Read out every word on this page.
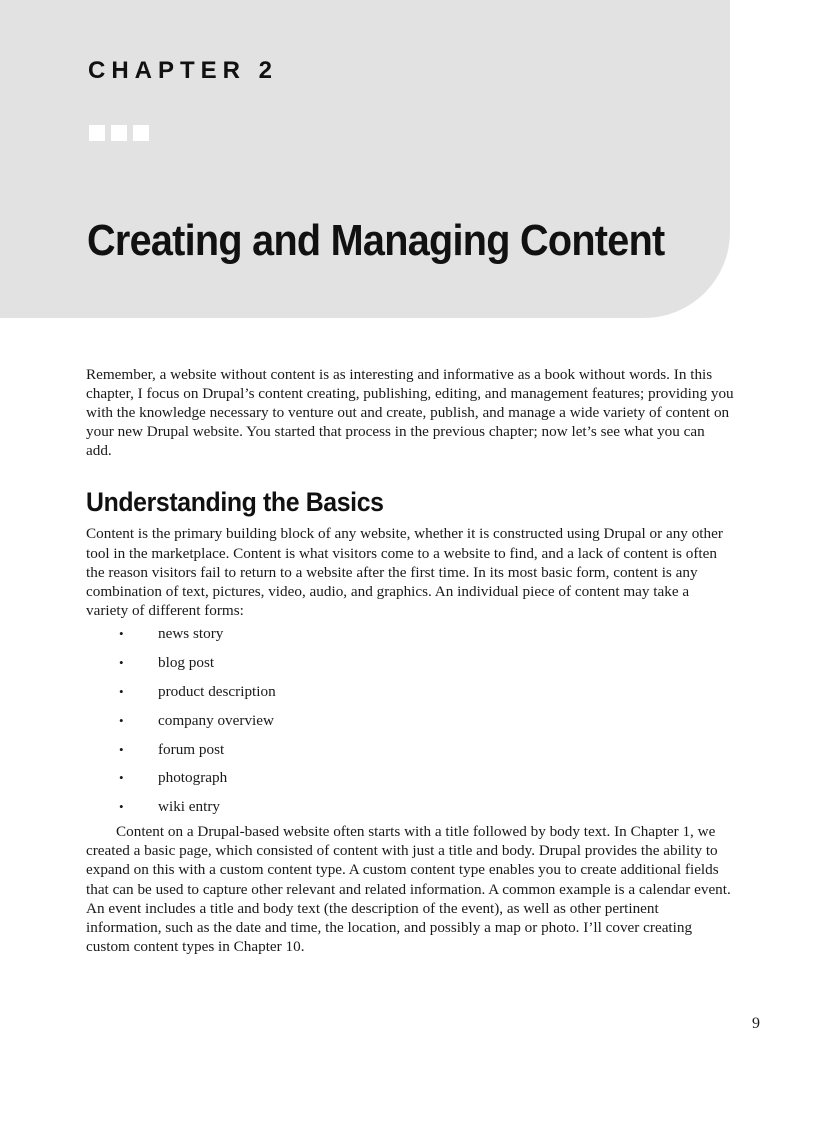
CHAPTER 2
Creating and Managing Content

Remember, a website without content is as interesting and informative as a book without words. In this chapter, I focus on Drupal’s content creating, publishing, editing, and management features; providing you with the knowledge necessary to venture out and create, publish, and manage a wide variety of content on your new Drupal website. You started that process in the previous chapter; now let’s see what you can add.

Understanding the Basics

Content is the primary building block of any website, whether it is constructed using Drupal or any other tool in the marketplace. Content is what visitors come to a website to find, and a lack of content is often the reason visitors fail to return to a website after the first time. In its most basic form, content is any combination of text, pictures, video, audio, and graphics. An individual piece of content may take a variety of different forms:

•	news story
•	blog post
•	product description
•	company overview
•	forum post
•	photograph
•	wiki entry

Content on a Drupal-based website often starts with a title followed by body text. In Chapter 1, we created a basic page, which consisted of content with just a title and body. Drupal provides the ability to expand on this with a custom content type. A custom content type enables you to create additional fields that can be used to capture other relevant and related information. A common example is a calendar event. An event includes a title and body text (the description of the event), as well as other pertinent information, such as the date and time, the location, and possibly a map or photo. I’ll cover creating custom content types in Chapter 10.

9
